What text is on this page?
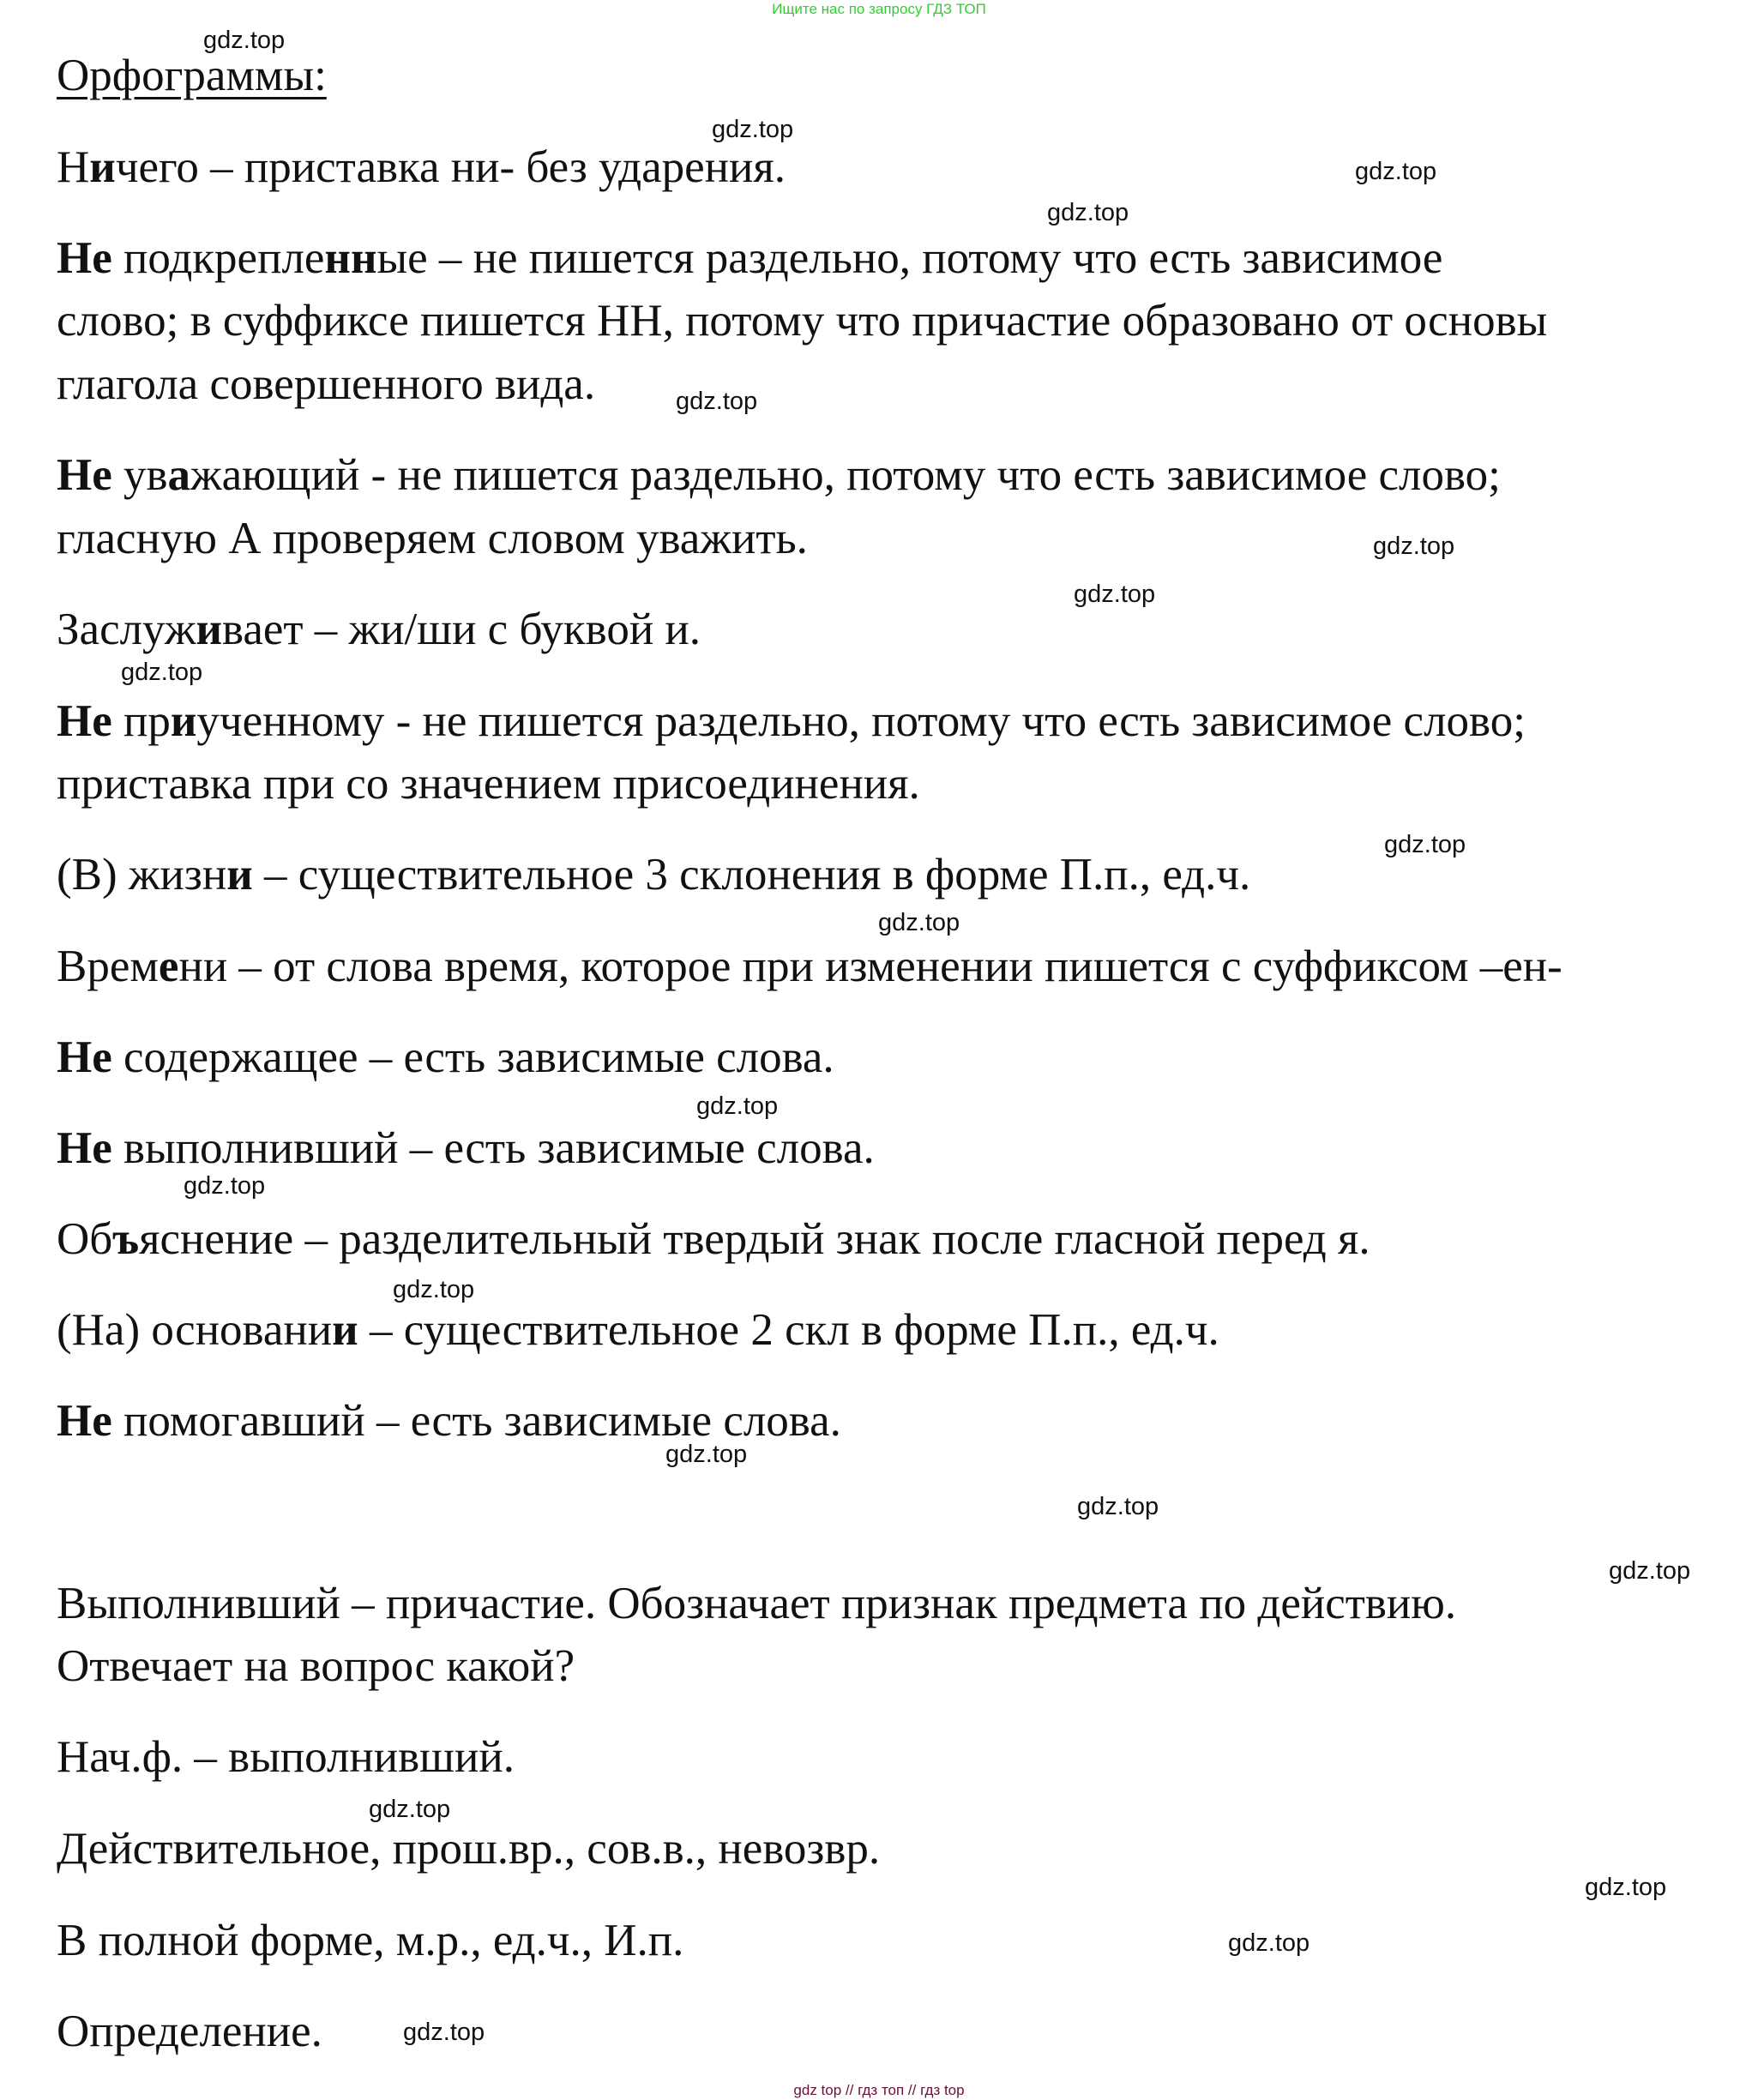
Ищите нас по запросу ГДЗ ТОП
Орфограммы:
Ничего – приставка ни- без ударения.
Не подкрепленные – не пишется раздельно, потому что есть зависимое
слово; в суффиксе пишется НН, потому что причастие образовано от основы
глагола совершенного вида.
Не уважающий - не пишется раздельно, потому что есть зависимое слово;
гласную А проверяем словом уважить.
Заслуживает – жи/ши с буквой и.
Не приученному - не пишется раздельно, потому что есть зависимое слово;
приставка при со значением присоединения.
(В) жизни – существительное 3 склонения в форме П.п., ед.ч.
Времени – от слова время, которое при изменении пишется с суффиксом –ен-
Не содержащее – есть зависимые слова.
Не выполнивший – есть зависимые слова.
Объяснение – разделительный твердый знак после гласной перед я.
(На) основании – существительное 2 скл в форме П.п., ед.ч.
Не помогавший – есть зависимые слова.
Выполнивший – причастие. Обозначает признак предмета по действию.
Отвечает на вопрос какой?
Нач.ф. – выполнивший.
Действительное, прош.вр., сов.в., невозвр.
В полной форме, м.р., ед.ч., И.п.
Определение.
gdz.top
gdz.top
gdz.top
gdz.top
gdz.top
gdz.top
gdz.top
gdz.top
gdz.top
gdz.top
gdz.top
gdz.top
gdz.top
gdz.top
gdz.top
gdz.top
gdz.top
gdz.top
gdz.top
gdz.top
gdz top // гдз топ // гдз top
